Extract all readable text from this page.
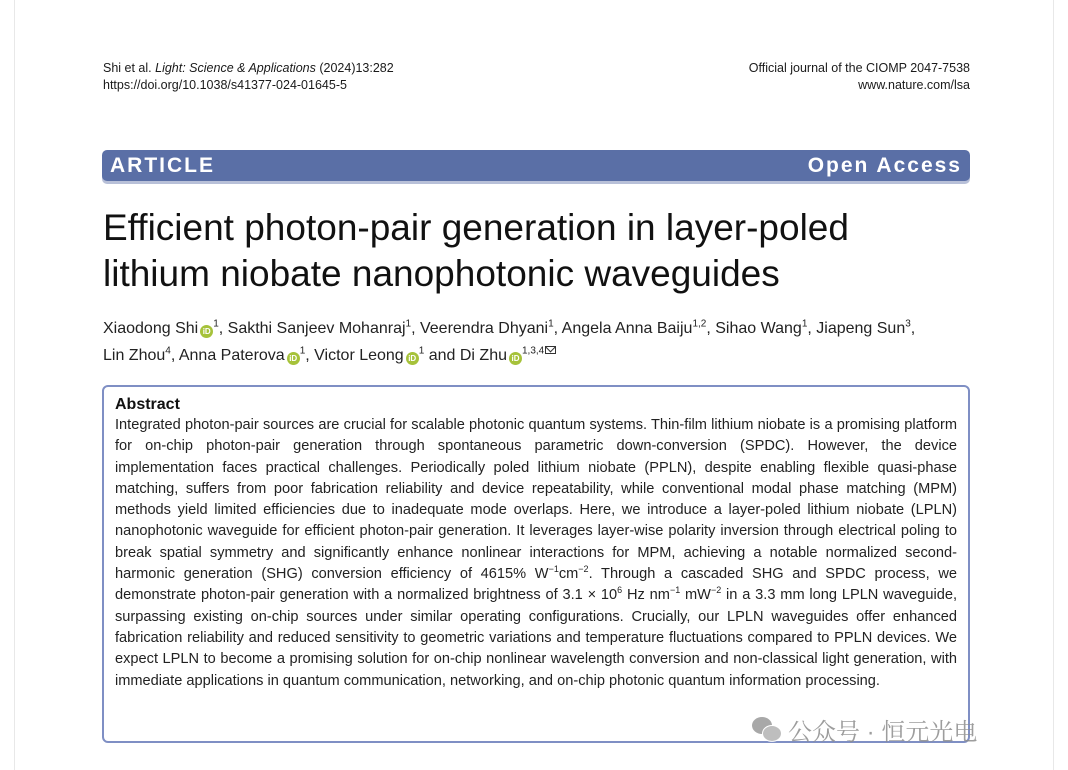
Shi et al. Light: Science & Applications (2024)13:282
https://doi.org/10.1038/s41377-024-01645-5
Official journal of the CIOMP 2047-7538
www.nature.com/lsa
ARTICLE	Open Access
Efficient photon-pair generation in layer-poled
lithium niobate nanophotonic waveguides
Xiaodong Shi $iD^1$, Sakthi Sanjeev Mohanraj$^1$, Veerendra Dhyani$^1$, Angela Anna Baiju$^{1,2}$, Sihao Wang$^1$, Jiapeng Sun$^3$,
Lin Zhou$^4$, Anna Paterova $iD^1$, Victor Leong $iD^1$ and Di Zhu iD$^{1,3,4}$
Abstract
Integrated photon-pair sources are crucial for scalable photonic quantum systems. Thin-film lithium niobate is a promising platform for on-chip photon-pair generation through spontaneous parametric down-conversion (SPDC). However, the device implementation faces practical challenges. Periodically poled lithium niobate (PPLN), despite enabling flexible quasi-phase matching, suffers from poor fabrication reliability and device repeatability, while conventional modal phase matching (MPM) methods yield limited efficiencies due to inadequate mode overlaps. Here, we introduce a layer-poled lithium niobate (LPLN) nanophotonic waveguide for efficient photon-pair generation. It leverages layer-wise polarity inversion through electrical poling to break spatial symmetry and significantly enhance nonlinear interactions for MPM, achieving a notable normalized second-harmonic generation (SHG) conversion efficiency of 4615% $W^{-1}cm^{-2}$. Through a cascaded SHG and SPDC process, we demonstrate photon-pair generation with a normalized brightness of $3.1 \times 10^6$ Hz $nm^{-1}$ $mW^{-2}$ in a 3.3 mm long LPLN waveguide, surpassing existing on-chip sources under similar operating configurations. Crucially, our LPLN waveguides offer enhanced fabrication reliability and reduced sensitivity to geometric variations and temperature fluctuations compared to PPLN devices. We expect LPLN to become a promising solution for on-chip nonlinear wavelength conversion and non-classical light generation, with immediate applications in quantum communication, networking, and on-chip photonic quantum information processing.
公众号 · 恒元光电
